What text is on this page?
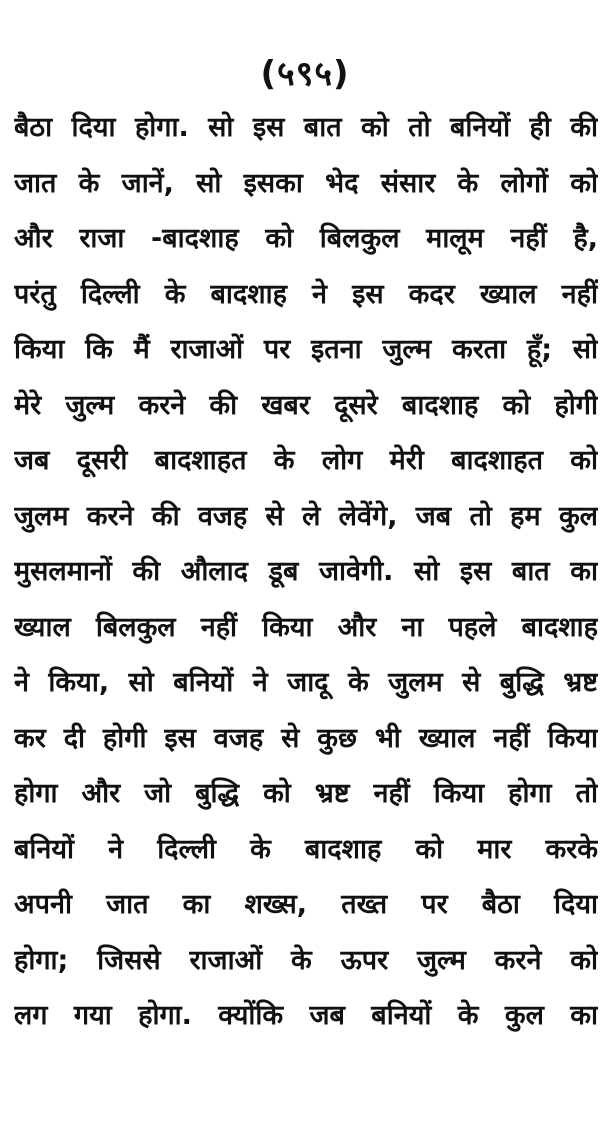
(५९५)
बैठा दिया होगा. सो इस बात को तो बनियों ही की
जात के जानें, सो इसका भेद संसार के लोगों को
और राजा -बादशाह को बिलकुल मालूम नहीं है,
परंतु दिल्ली के बादशाह ने इस कदर ख्याल नहीं
किया कि मैं राजाओं पर इतना जुल्म करता हूँ; सो
मेरे जुल्म करने की खबर दूसरे बादशाह को होगी
जब दूसरी बादशाहत के लोग मेरी बादशाहत को
जुलम करने की वजह से ले लेवेंगे, जब तो हम कुल
मुसलमानों की औलाद डूब जावेगी. सो इस बात का
ख्याल बिलकुल नहीं किया और ना पहले बादशाह
ने किया, सो बनियों ने जादू के जुलम से बुद्धि भ्रष्ट
कर दी होगी इस वजह से कुछ भी ख्याल नहीं किया
होगा और जो बुद्धि को भ्रष्ट नहीं किया होगा तो
बनियों ने दिल्ली के बादशाह को मार करके
अपनी जात का शख्स, तख्त पर बैठा दिया
होगा; जिससे राजाओं के ऊपर जुल्म करने को
लग गया होगा. क्योंकि जब बनियों के कुल का
